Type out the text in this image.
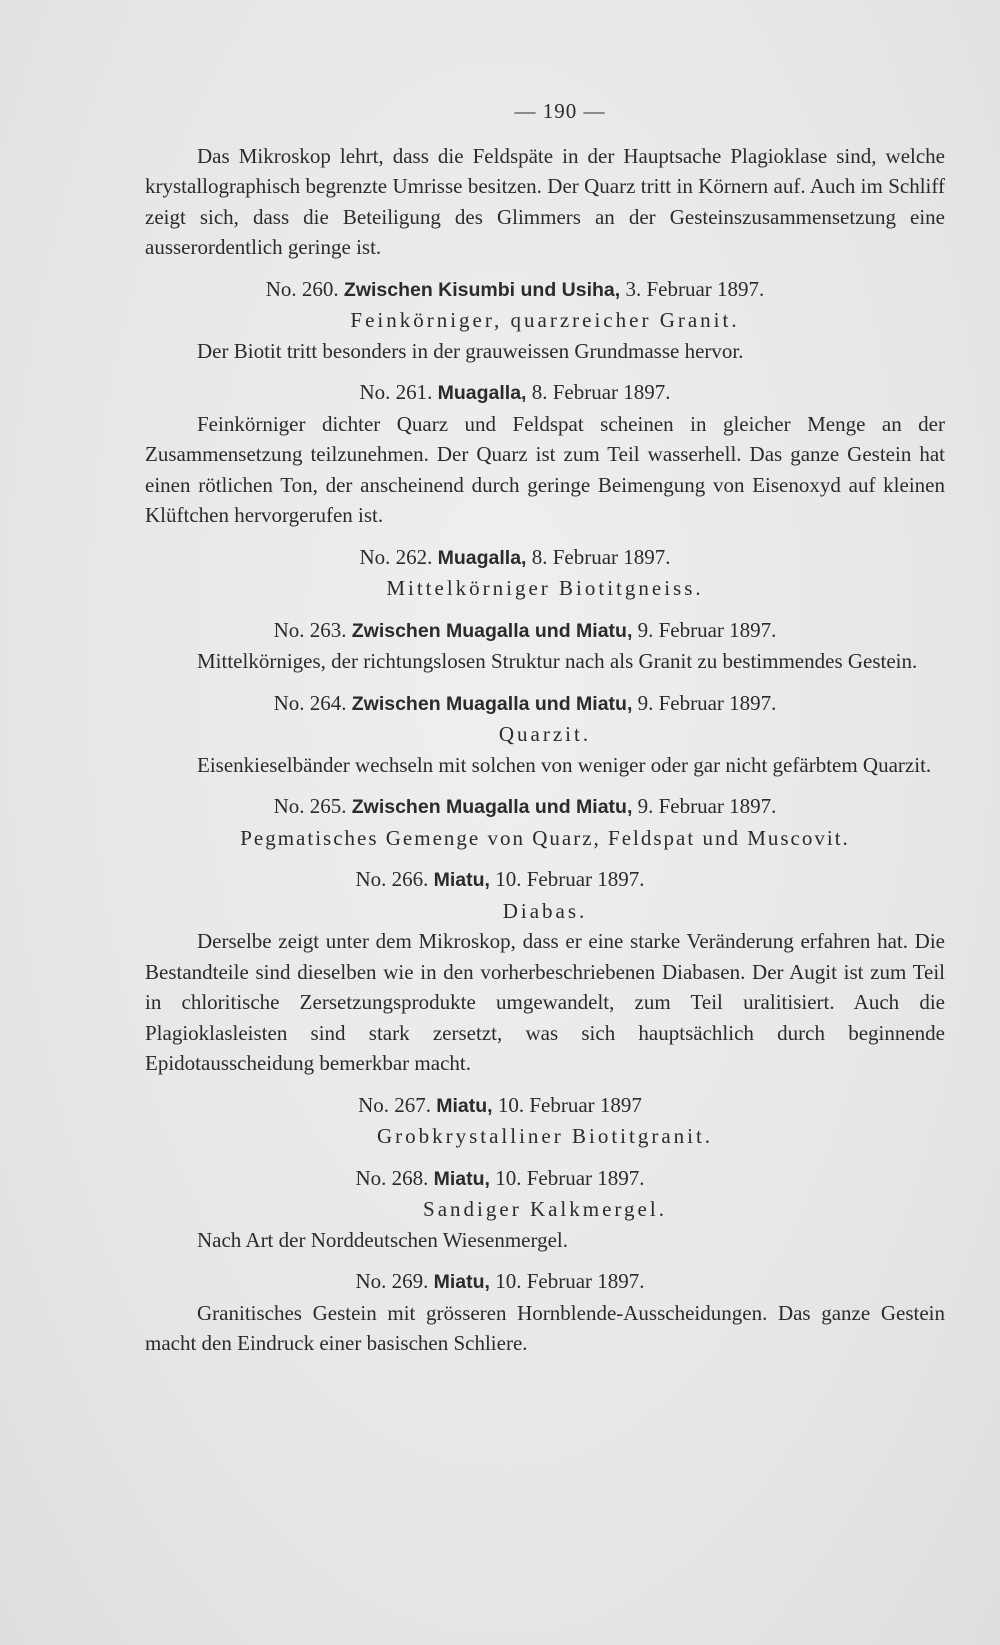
— 190 —

Das Mikroskop lehrt, dass die Feldspäte in der Hauptsache Plagioklase sind, welche krystallographisch begrenzte Umrisse besitzen. Der Quarz tritt in Körnern auf. Auch im Schliff zeigt sich, dass die Beteiligung des Glimmers an der Gesteinszusammensetzung eine ausserordentlich geringe ist.

No. 260. Zwischen Kisumbi und Usiha, 3. Februar 1897.
Feinkörniger, quarzreicher Granit.

Der Biotit tritt besonders in der grauweissen Grundmasse hervor.

No. 261. Muagalla, 8. Februar 1897.

Feinkörniger dichter Quarz und Feldspat scheinen in gleicher Menge an der Zusammensetzung teilzunehmen. Der Quarz ist zum Teil wasserhell. Das ganze Gestein hat einen rötlichen Ton, der anscheinend durch geringe Beimengung von Eisenoxyd auf kleinen Klüftchen hervorgerufen ist.

No. 262. Muagalla, 8. Februar 1897.
Mittelkörniger Biotitgneiss.
No. 263. Zwischen Muagalla und Miatu, 9. Februar 1897.

Mittelkörniges, der richtungslosen Struktur nach als Granit zu bestimmendes Gestein.

No. 264. Zwischen Muagalla und Miatu, 9. Februar 1897.
Quarzit.

Eisenkieselbänder wechseln mit solchen von weniger oder gar nicht gefärbtem Quarzit.

No. 265. Zwischen Muagalla und Miatu, 9. Februar 1897.
Pegmatisches Gemenge von Quarz, Feldspat und Muscovit.
No. 266. Miatu, 10. Februar 1897.
Diabas.

Derselbe zeigt unter dem Mikroskop, dass er eine starke Veränderung erfahren hat. Die Bestandteile sind dieselben wie in den vorherbeschriebenen Diabasen. Der Augit ist zum Teil in chloritische Zersetzungsprodukte umgewandelt, zum Teil uralitisiert. Auch die Plagioklasleisten sind stark zersetzt, was sich hauptsächlich durch beginnende Epidotausscheidung bemerkbar macht.

No. 267. Miatu, 10. Februar 1897
Grobkrystalliner Biotitgranit.
No. 268. Miatu, 10. Februar 1897.
Sandiger Kalkmergel.

Nach Art der Norddeutschen Wiesenmergel.

No. 269. Miatu, 10. Februar 1897.

Granitisches Gestein mit grösseren Hornblende-Ausscheidungen. Das ganze Gestein macht den Eindruck einer basischen Schliere.
